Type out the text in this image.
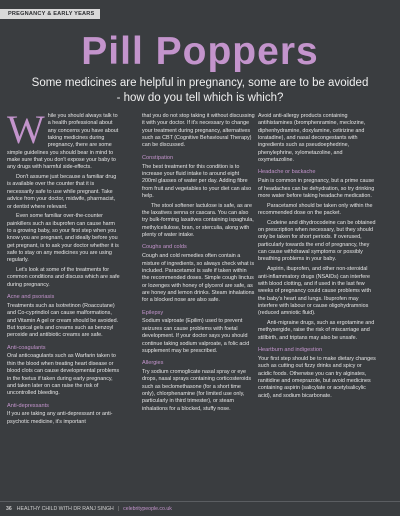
PREGNANCY & EARLY YEARS
Pill Poppers
Some medicines are helpful in pregnancy, some are to be avoided - how do you tell which is which?

W hile you should always talk to a health professional about any concerns you have about taking medicines during pregnancy, there are some simple guidelines you should bear in mind to make sure that you don't expose your baby to any drugs with harmful side-effects.

Don't assume just because a familiar drug is available over the counter that it is necessarily safe to use while pregnant. Take advice from your doctor, midwife, pharmacist, or dentist where relevant.

Even some familiar over-the-counter painkillers such as ibuprofen can cause harm to a growing baby, so your first step when you know you are pregnant, and ideally before you get pregnant, is to ask your doctor whether it is safe to stay on any medicines you are using regularly.

Let's look at some of the treatments for common conditions and discuss which are safe during pregnancy.

Acne and psoriasis

Treatments such as Isotretinon (Roaccutane) and Co-cyprindiol can cause malformations, and Vitamin A gel or cream should be avoided. But topical gels and creams such as benzoyl peroxide and antibiotic creams are safe.

Anti-coagulants

Oral anticoagulants such as Warfarin taken to thin the blood when treating heart disease or blood clots can cause developmental problems in the foetus if taken during early pregnancy, and taken later on can raise the risk of uncontrolled bleeding.

Anti-depressants

If you are taking any anti-depressant or anti-psychotic medicine, it's important

that you do not stop taking it without discussing it with your doctor. If it's necessary to change your treatment during pregnancy, alternatives such as CBT (Cognitive Behavioural Therapy) can be discussed.

Constipation

The best treatment for this condition is to increase your fluid intake to around eight 200ml glasses of water per day. Adding fibre from fruit and vegetables to your diet can also help.

The stool softener lactulose is safe, as are the laxatives senna or cascara. You can also try bulk-forming laxatives containing ispaghula, methylcellulose, bran, or sterculia, along with plenty of water intake.

Coughs and colds

Cough and cold remedies often contain a mixture of ingredients, so always check what is included. Paracetamol is safe if taken within the recommended doses. Simple cough linctus or lozenges with honey of glycerol are safe, as are honey and lemon drinks. Steam inhalations for a blocked nose are also safe.

Epilepsy

Sodium valproate (Epilim) used to prevent seizures can cause problems with foetal development. If your doctor says you should continue taking sodium valproate, a folic acid supplement may be prescribed.

Allergies

Try sodium cromoglicate nasal spray or eye drops, nasal sprays containing corticosteroids such as beclomethasone (for a short time only), chlorphenamine (for limited use only, particularly in third trimester), or steam inhalations for a blocked, stuffy nose.

Avoid anti-allergy products containing antihistamines (bromphenramine, meclozine, diphenhydramine, doxylamine, cetirizine and loratadine), and nasal decongestants with ingredients such as pseudoephedrine, phenylephrine, xylometazoline, and oxymetazoline.

Headache or backache

Pain is common in pregnancy, but a prime cause of headaches can be dehydration, so try drinking more water before taking headache medication.

Paracetamol should be taken only within the recommended dose on the packet.

Codeine and dihydrocodeine can be obtained on prescription when necessary, but they should only be taken for short periods. If overused, particularly towards the end of pregnancy, they can cause withdrawal symptoms or possibly breathing problems in your baby.

Aspirin, ibuprofen, and other non-steroidal anti-inflammatory drugs (NSAIDs) can interfere with blood clotting, and if used in the last few weeks of pregnancy could cause problems with the baby's heart and lungs. Ibuprofen may interfere with labour or cause oligohydramnios (reduced amniotic fluid).

Anti-migraine drugs, such as ergotamine and methysergide, raise the risk of miscarriage and stillbirth, and triptans may also be unsafe.

Heartburn and indigestion

Your first step should be to make dietary changes such as cutting out fizzy drinks and spicy or acidic foods. Otherwise you can try alginates, ranitidine and omeprazole, but avoid medicines containing aspirin (salicylate or acetylsalicylic acid), and sodium bicarbonate.

36 HEALTHY CHILD WITH DR RANJ SINGH | celebritypeople.co.uk
